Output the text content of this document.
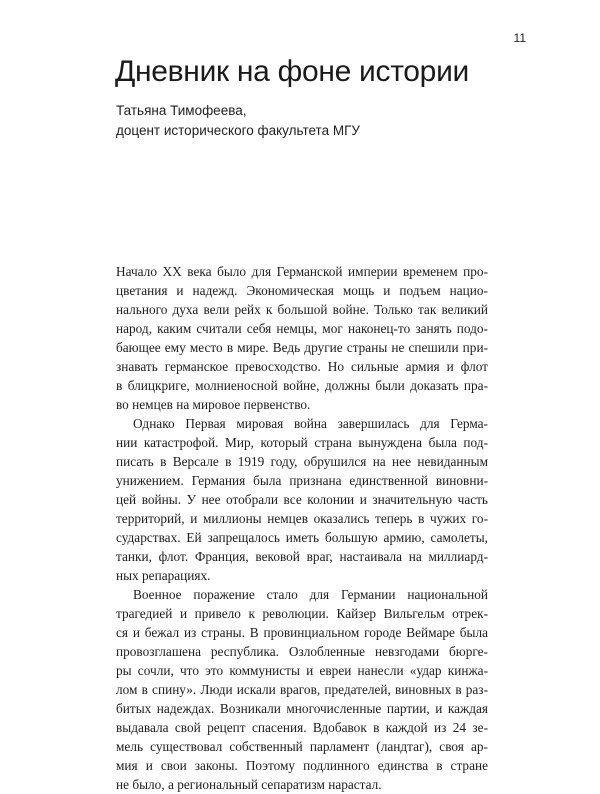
11
Дневник на фоне истории
Татьяна Тимофеева,
доцент исторического факультета МГУ
Начало XX века было для Германской империи временем про-
цветания и надежд. Экономическая мощь и подъем нацио-
нального духа вели рейх к большой войне. Только так великий
народ, каким считали себя немцы, мог наконец-то занять подо-
бающее ему место в мире. Ведь другие страны не спешили при-
знавать германское превосходство. Но сильные армия и флот
в блицкриге, молниеносной войне, должны были доказать пра-
во немцев на мировое первенство.
Однако Первая мировая война завершилась для Герма-
нии катастрофой. Мир, который страна вынуждена была под-
писать в Версале в 1919 году, обрушился на нее невиданным
унижением. Германия была признана единственной виновни-
цей войны. У нее отобрали все колонии и значительную часть
территорий, и миллионы немцев оказались теперь в чужих го-
сударствах. Ей запрещалось иметь большую армию, самолеты,
танки, флот. Франция, вековой враг, настаивала на миллиард-
ных репарациях.
Военное поражение стало для Германии национальной
трагедией и привело к революции. Кайзер Вильгельм отрек-
ся и бежал из страны. В провинциальном городе Веймаре была
провозглашена республика. Озлобленные невзгодами бюрге-
ры сочли, что это коммунисты и евреи нанесли «удар кинжа-
лом в спину». Люди искали врагов, предателей, виновных в раз-
битых надеждах. Возникали многочисленные партии, и каждая
выдавала свой рецепт спасения. Вдобавок в каждой из 24 зе-
мель существовал собственный парламент (ландтаг), своя ар-
мия и свои законы. Поэтому подлинного единства в стране
не было, а региональный сепаратизм нарастал.
